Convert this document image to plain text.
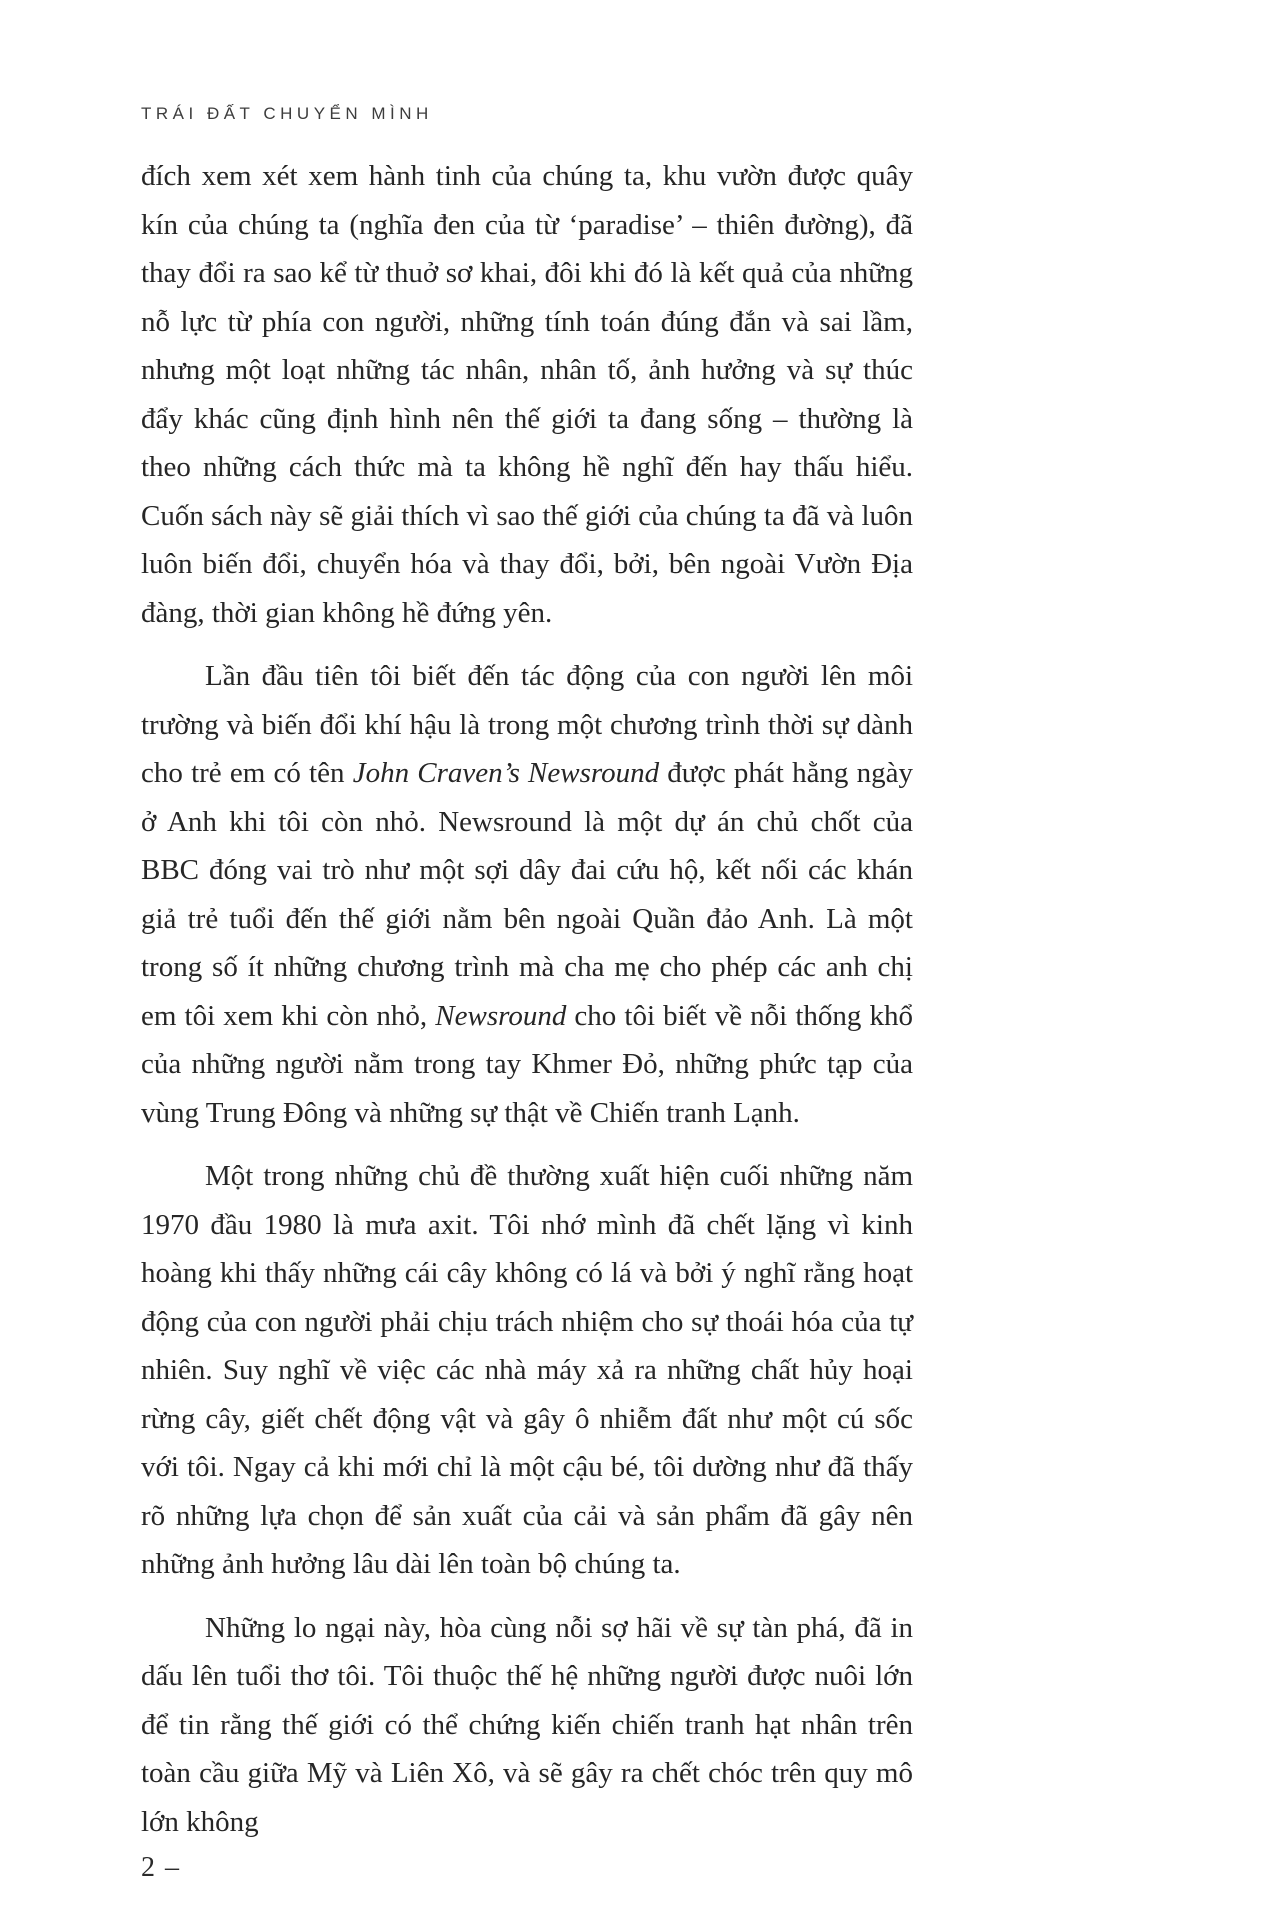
TRÁI ĐẤT CHUYỂN MÌNH

đích xem xét xem hành tinh của chúng ta, khu vườn được quây kín của chúng ta (nghĩa đen của từ ‘paradise’ – thiên đường), đã thay đổi ra sao kể từ thuở sơ khai, đôi khi đó là kết quả của những nỗ lực từ phía con người, những tính toán đúng đắn và sai lầm, nhưng một loạt những tác nhân, nhân tố, ảnh hưởng và sự thúc đẩy khác cũng định hình nên thế giới ta đang sống – thường là theo những cách thức mà ta không hề nghĩ đến hay thấu hiểu. Cuốn sách này sẽ giải thích vì sao thế giới của chúng ta đã và luôn luôn biến đổi, chuyển hóa và thay đổi, bởi, bên ngoài Vườn Địa đàng, thời gian không hề đứng yên.

Lần đầu tiên tôi biết đến tác động của con người lên môi trường và biến đổi khí hậu là trong một chương trình thời sự dành cho trẻ em có tên John Craven’s Newsround được phát hằng ngày ở Anh khi tôi còn nhỏ. Newsround là một dự án chủ chốt của BBC đóng vai trò như một sợi dây đai cứu hộ, kết nối các khán giả trẻ tuổi đến thế giới nằm bên ngoài Quần đảo Anh. Là một trong số ít những chương trình mà cha mẹ cho phép các anh chị em tôi xem khi còn nhỏ, Newsround cho tôi biết về nỗi thống khổ của những người nằm trong tay Khmer Đỏ, những phức tạp của vùng Trung Đông và những sự thật về Chiến tranh Lạnh.

Một trong những chủ đề thường xuất hiện cuối những năm 1970 đầu 1980 là mưa axit. Tôi nhớ mình đã chết lặng vì kinh hoàng khi thấy những cái cây không có lá và bởi ý nghĩ rằng hoạt động của con người phải chịu trách nhiệm cho sự thoái hóa của tự nhiên. Suy nghĩ về việc các nhà máy xả ra những chất hủy hoại rừng cây, giết chết động vật và gây ô nhiễm đất như một cú sốc với tôi. Ngay cả khi mới chỉ là một cậu bé, tôi dường như đã thấy rõ những lựa chọn để sản xuất của cải và sản phẩm đã gây nên những ảnh hưởng lâu dài lên toàn bộ chúng ta.

Những lo ngại này, hòa cùng nỗi sợ hãi về sự tàn phá, đã in dấu lên tuổi thơ tôi. Tôi thuộc thế hệ những người được nuôi lớn để tin rằng thế giới có thể chứng kiến chiến tranh hạt nhân trên toàn cầu giữa Mỹ và Liên Xô, và sẽ gây ra chết chóc trên quy mô lớn không

2 –
